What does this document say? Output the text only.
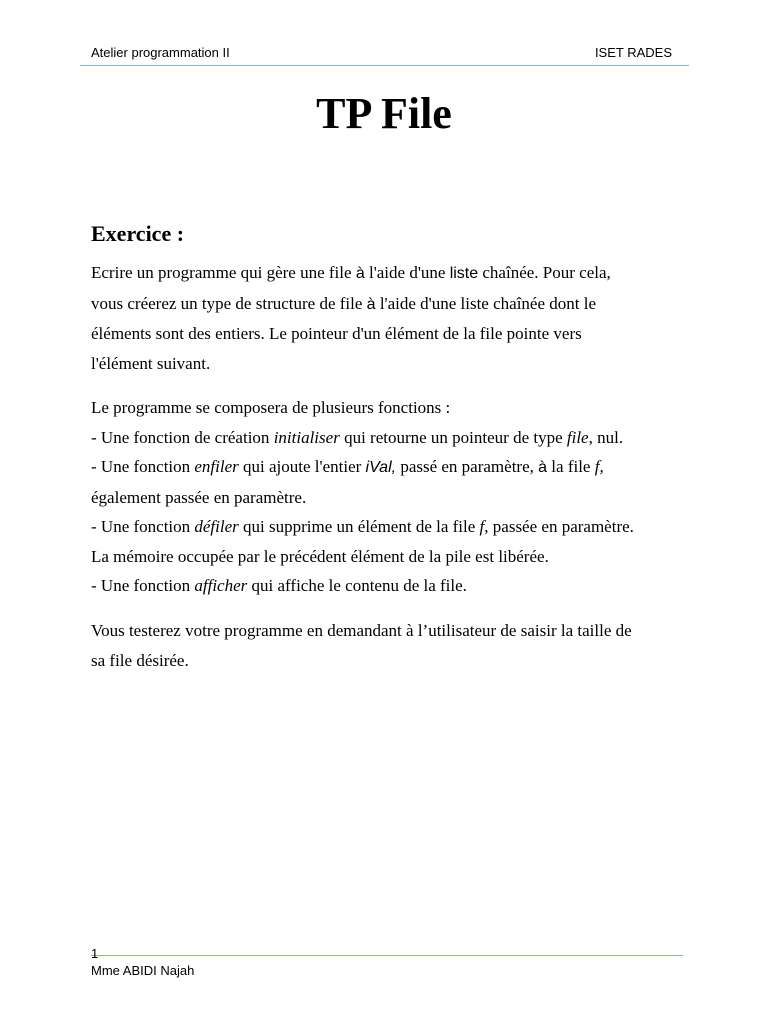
Atelier programmation II	ISET RADES
TP File
Exercice :
Ecrire un programme qui gère une file à l'aide d'une liste chaînée. Pour cela,
vous créerez un type de structure de file à l'aide d'une liste chaînée dont le
éléments sont des entiers. Le pointeur d'un élément de la file pointe vers
l'élément suivant.
Le programme se composera de plusieurs fonctions :
- Une fonction de création initialiser qui retourne un pointeur de type file, nul.
- Une fonction enfiler qui ajoute l'entier iVal, passé en paramètre, à la file f,
également passée en paramètre.
- Une fonction défiler qui supprime un élément de la file f, passée en paramètre.
La mémoire occupée par le précédent élément de la pile est libérée.
- Une fonction afficher qui affiche le contenu de la file.
Vous testerez votre programme en demandant à l’utilisateur de saisir la taille de
sa file désirée.
1
Mme ABIDI Najah
